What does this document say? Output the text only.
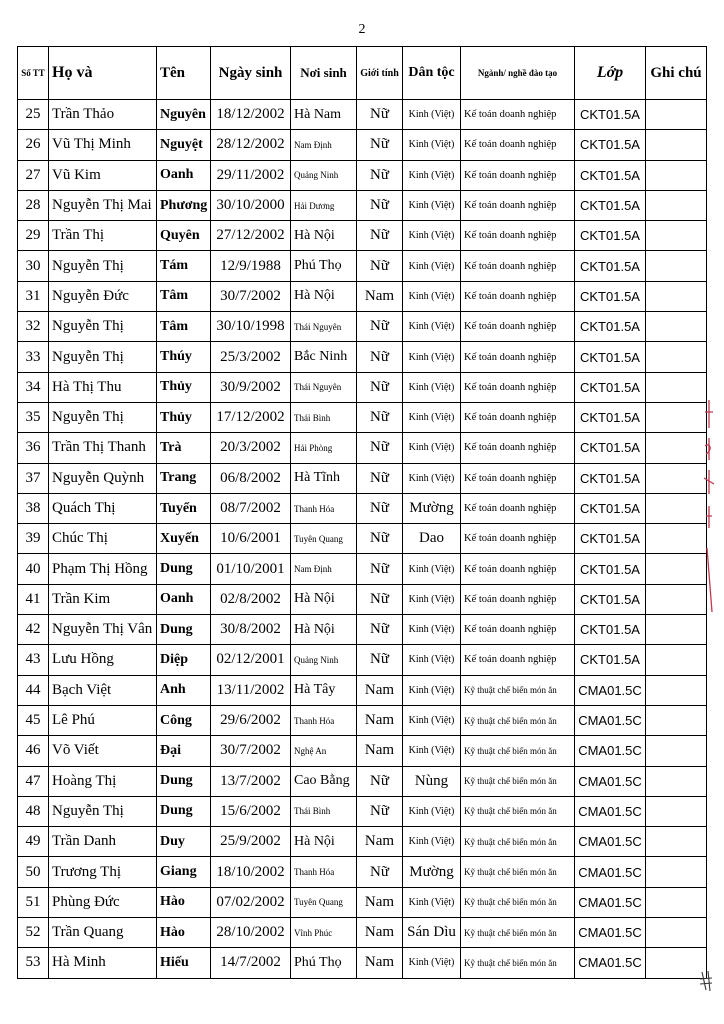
2
Số TT	Họ và	Tên	Ngày sinh	Nơi sinh	Giới tính	Dân tộc	Ngành/ nghề đào tạo	Lớp	Ghi chú
25	Trần Thảo	Nguyên	18/12/2002	Hà Nam	Nữ	Kinh (Việt)	Kế toán doanh nghiệp	CKT01.5A	
26	Vũ Thị Minh	Nguyệt	28/12/2002	Nam Định	Nữ	Kinh (Việt)	Kế toán doanh nghiệp	CKT01.5A	
27	Vũ Kim	Oanh	29/11/2002	Quảng Ninh	Nữ	Kinh (Việt)	Kế toán doanh nghiệp	CKT01.5A	
28	Nguyễn Thị Mai	Phương	30/10/2000	Hải Dương	Nữ	Kinh (Việt)	Kế toán doanh nghiệp	CKT01.5A	
29	Trần Thị	Quyên	27/12/2002	Hà Nội	Nữ	Kinh (Việt)	Kế toán doanh nghiệp	CKT01.5A	
30	Nguyễn Thị	Tám	12/9/1988	Phú Thọ	Nữ	Kinh (Việt)	Kế toán doanh nghiệp	CKT01.5A	
31	Nguyễn Đức	Tâm	30/7/2002	Hà Nội	Nam	Kinh (Việt)	Kế toán doanh nghiệp	CKT01.5A	
32	Nguyễn Thị	Tâm	30/10/1998	Thái Nguyên	Nữ	Kinh (Việt)	Kế toán doanh nghiệp	CKT01.5A	
33	Nguyễn Thị	Thúy	25/3/2002	Bắc Ninh	Nữ	Kinh (Việt)	Kế toán doanh nghiệp	CKT01.5A	
34	Hà Thị Thu	Thủy	30/9/2002	Thái Nguyên	Nữ	Kinh (Việt)	Kế toán doanh nghiệp	CKT01.5A	
35	Nguyễn Thị	Thủy	17/12/2002	Thái Bình	Nữ	Kinh (Việt)	Kế toán doanh nghiệp	CKT01.5A	
36	Trần Thị Thanh	Trà	20/3/2002	Hải Phòng	Nữ	Kinh (Việt)	Kế toán doanh nghiệp	CKT01.5A	
37	Nguyễn Quỳnh	Trang	06/8/2002	Hà Tĩnh	Nữ	Kinh (Việt)	Kế toán doanh nghiệp	CKT01.5A	
38	Quách Thị	Tuyển	08/7/2002	Thanh Hóa	Nữ	Mường	Kế toán doanh nghiệp	CKT01.5A	
39	Chúc Thị	Xuyến	10/6/2001	Tuyên Quang	Nữ	Dao	Kế toán doanh nghiệp	CKT01.5A	
40	Phạm Thị Hồng	Dung	01/10/2001	Nam Định	Nữ	Kinh (Việt)	Kế toán doanh nghiệp	CKT01.5A	
41	Trần Kim	Oanh	02/8/2002	Hà Nội	Nữ	Kinh (Việt)	Kế toán doanh nghiệp	CKT01.5A	
42	Nguyễn Thị Vân	Dung	30/8/2002	Hà Nội	Nữ	Kinh (Việt)	Kế toán doanh nghiệp	CKT01.5A	
43	Lưu Hồng	Diệp	02/12/2001	Quảng Ninh	Nữ	Kinh (Việt)	Kế toán doanh nghiệp	CKT01.5A	
44	Bạch Việt	Anh	13/11/2002	Hà Tây	Nam	Kinh (Việt)	Kỹ thuật chế biến món ăn	CMA01.5C	
45	Lê Phú	Công	29/6/2002	Thanh Hóa	Nam	Kinh (Việt)	Kỹ thuật chế biến món ăn	CMA01.5C	
46	Võ Viết	Đại	30/7/2002	Nghệ An	Nam	Kinh (Việt)	Kỹ thuật chế biến món ăn	CMA01.5C	
47	Hoàng Thị	Dung	13/7/2002	Cao Bằng	Nữ	Nùng	Kỹ thuật chế biến món ăn	CMA01.5C	
48	Nguyễn Thị	Dung	15/6/2002	Thái Bình	Nữ	Kinh (Việt)	Kỹ thuật chế biến món ăn	CMA01.5C	
49	Trần Danh	Duy	25/9/2002	Hà Nội	Nam	Kinh (Việt)	Kỹ thuật chế biến món ăn	CMA01.5C	
50	Trương Thị	Giang	18/10/2002	Thanh Hóa	Nữ	Mường	Kỹ thuật chế biến món ăn	CMA01.5C	
51	Phùng Đức	Hào	07/02/2002	Tuyên Quang	Nam	Kinh (Việt)	Kỹ thuật chế biến món ăn	CMA01.5C	
52	Trần Quang	Hào	28/10/2002	Vĩnh Phúc	Nam	Sán Dìu	Kỹ thuật chế biến món ăn	CMA01.5C	
53	Hà Minh	Hiếu	14/7/2002	Phú Thọ	Nam	Kinh (Việt)	Kỹ thuật chế biến món ăn	CMA01.5C	
